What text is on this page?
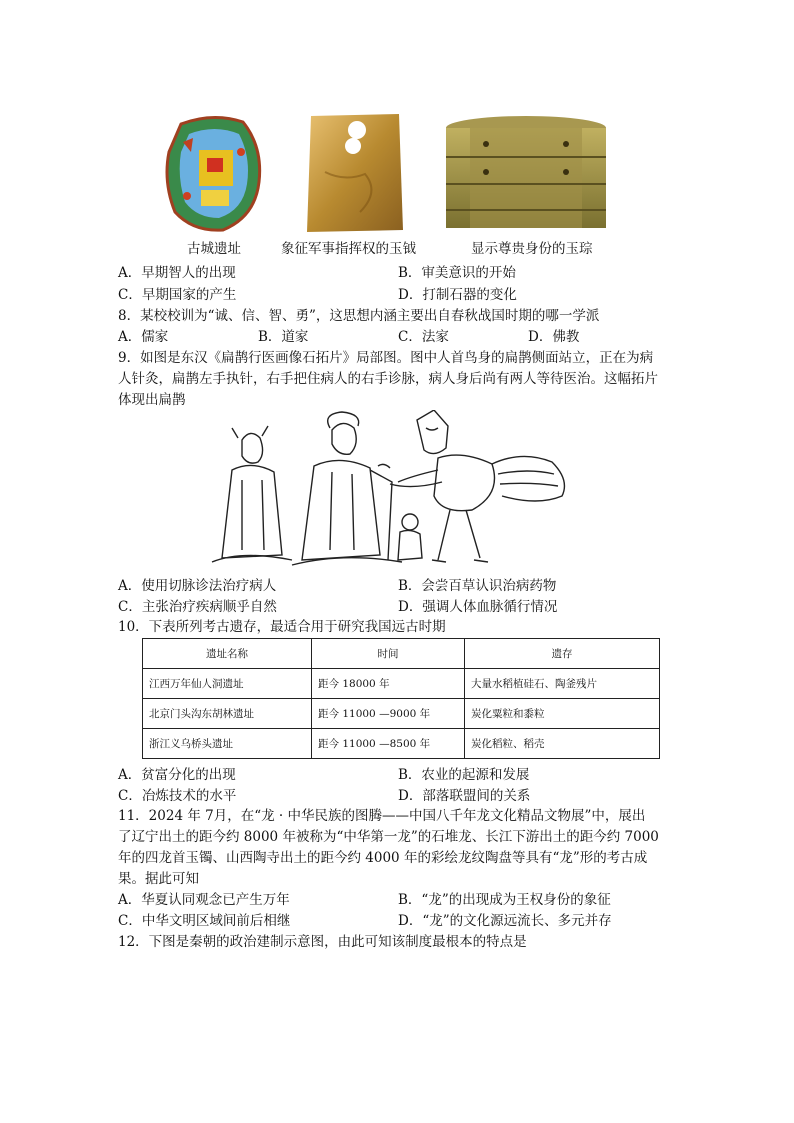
古城遗址	象征军事指挥权的玉钺	显示尊贵身份的玉琮
A．早期智人的出现	B．审美意识的开始
C．早期国家的产生	D．打制石器的变化
8．某校校训为“诚、信、智、勇”，这思想内涵主要出自春秋战国时期的哪一学派
A．儒家	B．道家	C．法家	D．佛教
9．如图是东汉《扁鹊行医画像石拓片》局部图。图中人首鸟身的扁鹊侧面站立，正在为病
人针灸，扁鹊左手执针，右手把住病人的右手诊脉，病人身后尚有两人等待医治。这幅拓片
体现出扁鹊
A．使用切脉诊法治疗病人	B．会尝百草认识治病药物
C．主张治疗疾病顺乎自然	D．强调人体血脉循行情况
10．下表所列考古遗存，最适合用于研究我国远古时期
遗址名称	时间	遗存
江西万年仙人洞遗址	距今 18000 年	大量水稻植硅石、陶釜残片
北京门头沟东胡林遗址	距今 11000 —9000 年	炭化粟粒和黍粒
浙江义乌桥头遗址	距今 11000 —8500 年	炭化稻粒、稻壳
A．贫富分化的出现	B．农业的起源和发展
C．冶炼技术的水平	D．部落联盟间的关系
11．2024 年 7月，在“龙 · 中华民族的图腾——中国八千年龙文化精品文物展”中，展出
了辽宁出土的距今约 8000 年被称为“中华第一龙”的石堆龙、长江下游出土的距今约 7000
年的四龙首玉镯、山西陶寺出土的距今约 4000 年的彩绘龙纹陶盘等具有“龙”形的考古成
果。据此可知
A．华夏认同观念已产生万年	B．“龙”的出现成为王权身份的象征
C．中华文明区域间前后相继	D．“龙”的文化源远流长、多元并存
12．下图是秦朝的政治建制示意图，由此可知该制度最根本的特点是
